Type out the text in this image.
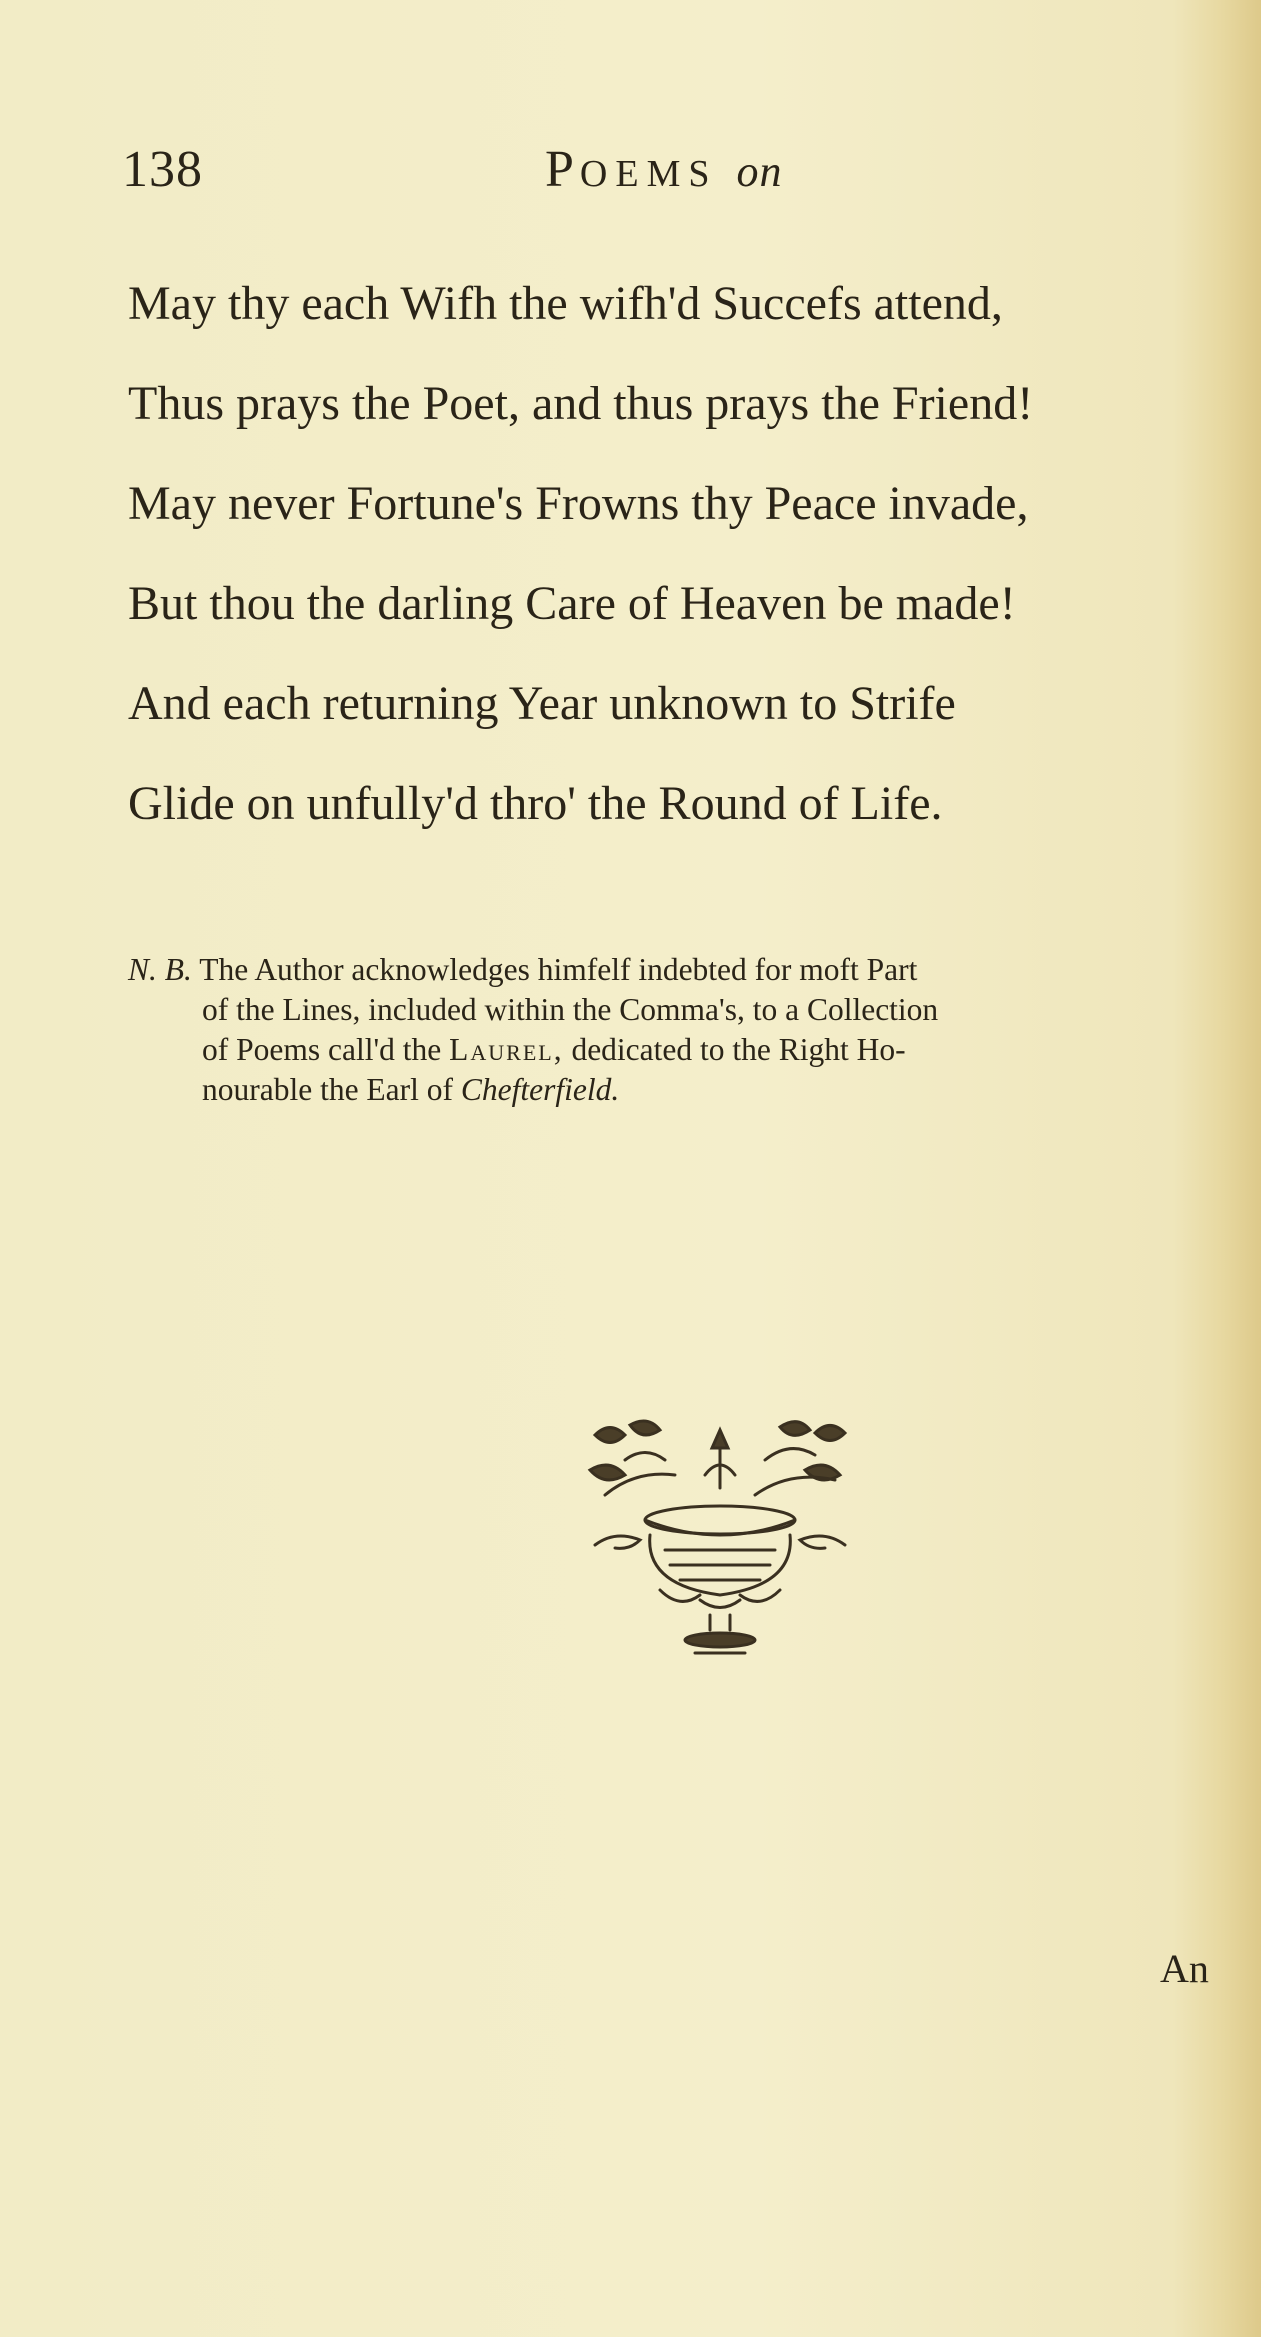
138	POEMS on
May thy each Wifh the wifh'd Succefs attend,
Thus prays the Poet, and thus prays the Friend!
May never Fortune's Frowns thy Peace invade,
But thou the darling Care of Heaven be made!
And each returning Year unknown to Strife
Glide on unfully'd thro' the Round of Life.
N. B. The Author acknowledges himfelf indebted for moft Part
of the Lines, included within the Comma's, to a Collection
of Poems call'd the Laurel, dedicated to the Right Ho-
nourable the Earl of Chefterfield.
An
